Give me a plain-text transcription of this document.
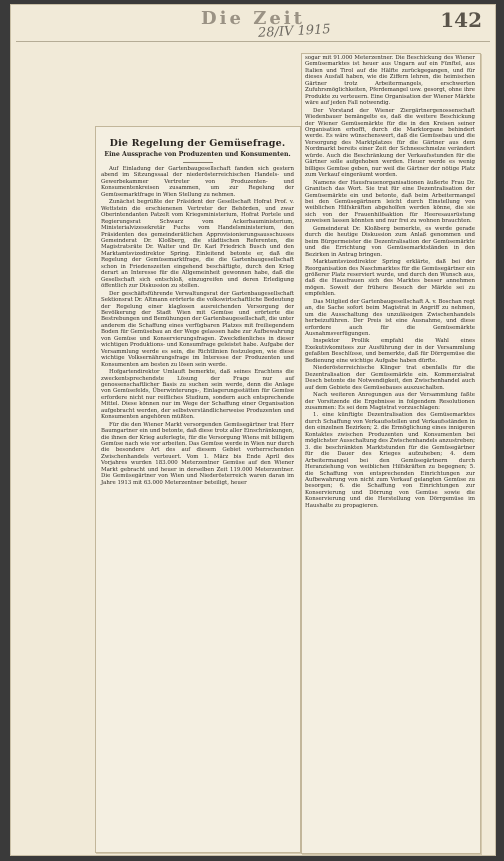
Die Zeit
28/IV 1915	142
Die Regelung der Gemüsefrage.
Eine Aussprache von Produzenten und Konsumenten.

Auf Einladung der Gartenbaugesellschaft fanden sich gestern abend im Sitzungssaal der niederösterreichischen Handels- und Gewerbekammer Vertreter von Produzenten- und Konsumentenkreisen zusammen, um zur Regelung der Gemüsemarktfrage in Wien Stellung zu nehmen.

Zunächst begrüßte der Präsident der Gesellschaft Hofrat Prof. v. Wettstein die erschienenen Vertreter der Behörden, und zwar Oberintendanten Patzelt vom Kriegsministerium, Hofrat Portele und Regierungsrat Schwarz vom Ackerbauministerium, Ministerialvizesekretär Fuchs vom Handelsministerium, den Präsidenten des gemeinderätlichen Approvisionierungsausschusses Gemeinderat Dr. Kloßberg, die städtischen Referenten, die Magistratsräte Dr. Walter und Dr. Karl Friedrich Busch und den Marktamtsvizedirektor Spring. Einleitend betonte er, daß die Regelung der Gemüsemarktfrage, die die Gartenbaugesellschaft schon in Friedenszeiten eingehend beschäftigte, durch den Krieg derart an Interesse für die Allgemeinheit gewonnen habe, daß die Gesellschaft sich entschloß, einzugreifen und deren Erledigung öffentlich zur Diskussion zu stellen.

Der geschäftsführende Verwaltungsrat der Gartenbaugesellschaft Sektionsrat Dr. Altmann erörterte die volkswirtschaftliche Bedeutung der Regelung einer klaglosen ausreichenden Versorgung der Bevölkerung der Stadt Wien mit Gemüse und erörterte die Bestrebungen und Bemühungen der Gartenbaugesellschaft, die unter anderem die Schaffung eines verfügbaren Platzes mit freiliegendem Boden für Gemüsebau an der Wege gelassen habe zur Aufbewahrung von Gemüse und Konservierungsfragen. Zweckdienliches in dieser wichtigen Produktions- und Konsumfrage geleistet habe. Aufgabe der Versammlung werde es sein, die Richtlinien festzulegen, wie diese wichtige Volksernährungsfrage im Interesse der Produzenten und Konsumenten am besten zu lösen sein werde.

Hofgartendirektor Umlauft bemerkte, daß seines Erachtens die zweckentsprechendste Lösung der Frage nur auf genossenschaftlicher Basis zu suchen sein werde, denn die Anlage von Gemüsefelds, Überwinterungs-, Einlagerungsstätten für Gemüse erfordere nicht nur reifliches Studium, sondern auch entsprechende Mittel. Diese können nur im Wege der Schaffung einer Organisation aufgebracht werden, der selbstverständlicherweise Produzenten und Konsumenten angehören müßten.

Für die den Wiener Markt versorgenden Gemüsegärtner trat Herr Baumgartner ein und betonte, daß diese trotz aller Einschränkungen, die ihnen der Krieg auferlegte, für die Versorgung Wiens mit billigem Gemüse nach wie vor arbeiten. Das Gemüse werde in Wien nur durch die besondere Art des auf diesem Gebiet vorherrschenden Zwischenhandels verteuert. Vom 1. März bis Ende April des Vorjahres wurden 183.000 Meterzentner Gemüse auf den Wiener Markt gebracht und heuer in derselben Zeit 119.000 Meterzentner. Die Gemüsegärtner von Wien und Niederösterreich waren daran im Jahre 1913 mit 63.000 Meterzentner beteiligt, heuer

sogar mit 91.000 Meterzentner. Die Beschickung des Wiener Gemüsemarktes ist heuer aus Ungarn auf ein Fünftel, aus Italien und Tirol auf die Hälfte zurückgegangen, und für dieses Ausfall haben, wie die Ziffern lehren, die heimischen Gärtner trotz Arbeitermangels, erschwerten Zufuhrsmöglichkeiten, Pferdemangel usw. gesorgt, ohne ihre Produkte zu verteuern. Eine Organisation der Wiener Märkte wäre auf jeden Fall notwendig.

Der Vorstand der Wiener Ziergärtnergenossenschaft Wiedenbauer bemängelte es, daß die weitere Beschickung der Wiener Gemüsemärkte für die in den Kreisen seiner Organisation erhofft, durch die Marktorgane behindert werde. Es wäre wünschenswert, daß die Gemüsebau und die Versorgung des Marktplatzes für die Gärtner aus dem Nordmarkt bereits einer Zeit der Schneeschmelze verändert würde. Auch die Beschränkung der Verkaufsstunden für die Gärtner solle aufgehoben werden. Heuer werde es wenig billiges Gemüse geben, nur weil die Gärtner der nötige Platz zum Verkauf eingeräumt worden.

Namens der Hausfrauenorganisationen äußerte Frau Dr. Granitsch das Wort. Sie trat für eine Dezentralisation der Gemüsemärkte ein und betonte, daß beim Arbeitermangel bei den Gemüsegärtnern leicht durch Einstellung von weiblichen Hilfskräften abgeholfen werden könne, die sie sich von der Frauenhilfsaktion für Heeresausrüstung zuweisen lassen könnten und nur frei zu wohnen brauchten.

Gemeinderat Dr. Kloßberg bemerkte, es werde gerade durch die heutige Diskussion zum Anlaß genommen und beim Bürgermeister die Dezentralisation der Gemüsemärkte und die Errichtung von Gemüsemarktständen in den Bezirken in Antrag bringen.

Marktamtsvizedirektor Spring erklärte, daß bei der Reorganisation des Naschmarktes für die Gemüsegärtner ein größerer Platz reserviert wurde, und durch den Wunsch aus, daß die Hausfrauen sich des Marktes besser annehmen mögen. Soweit der frühere Besuch der Märkte sei zu empfehlen.

Das Mitglied der Gartenbaugesellschaft A. v. Boschan regt an, die Sache sofort beim Magistrat in Angriff zu nehmen, um die Ausschaltung des unzulässigen Zwischenhandels herbeizuführen. Der Preis ist eine Ausnahme, und diese erfordere auch für die Gemüsemärkte Ausnahmsverfügungen.

Inspektor Prollik empfahl die Wahl eines Exekutivkomitees zur Ausführung der in der Versammlung gefaßten Beschlüsse, und bemerkte, daß für Dörrgemüse die Bedienung eine wichtige Aufgabe haben dürfte.

Niederösterreichische Klinger trat ebenfalls für die Dezentralisation der Gemüsemärkte ein. Kommerzialrat Desch betonte die Notwendigkeit, den Zwischenhandel auch auf dem Gebiete des Gemüsebaues auszuschalten.

Nach weiteren Anregungen aus der Versammlung faßte der Vorsitzende die Ergebnisse in folgendem Resolutionen zusammen: Es sei dem Magistrat vorzuschlagen:

1. eine künftigte Dezentralisation des Gemüsemarktes durch Schaffung von Verkaufsstellen und Verkaufsständen in den einzelnen Bezirken; 2. die Ermöglichung eines innigeren Kontaktes zwischen Produzenten und Konsumenten bei möglichster Ausschaltung des Zwischenhandels anzustreben; 3. die beschränkten Marktstunden für die Gemüsegärtner für die Dauer des Krieges aufzuheben; 4. dem Arbeitermangel bei den Gemüsegärtnern durch Heranziehung von weiblichen Hilfskräften zu begegnen; 5. die Schaffung von entsprechenden Einrichtungen zur Aufbewahrung von nicht zum Verkauf gelangten Gemüse zu besorgen; 6. die Schaffung von Einrichtungen zur Konservierung und Dörrung von Gemüse sowie die Konservierung und die Herstellung von Dörrgemüse im Haushalte zu propagieren.
